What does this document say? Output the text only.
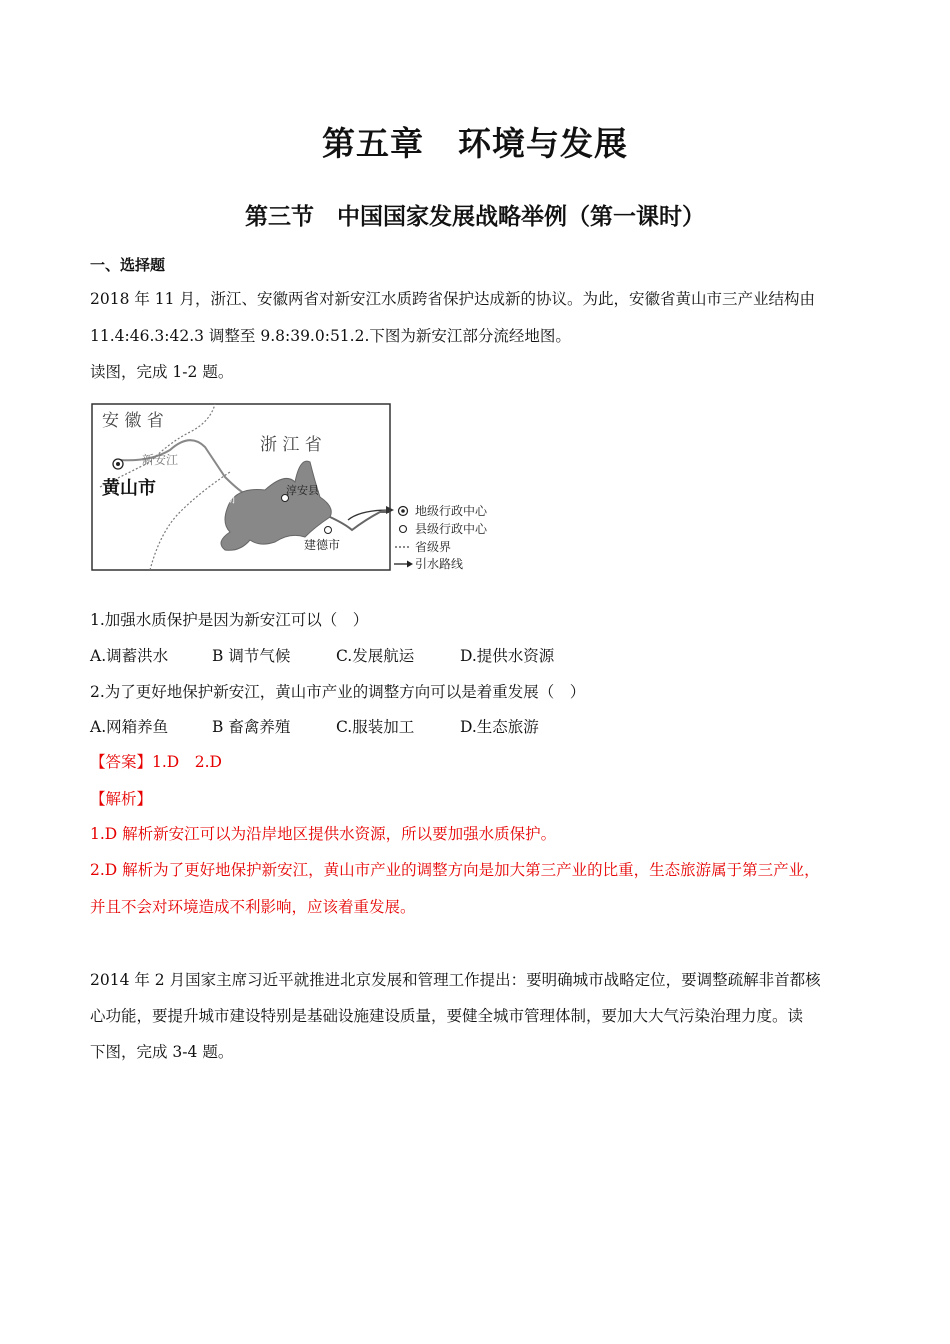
第五章　环境与发展
第三节　中国国家发展战略举例（第一课时）
一、选择题
2018 年 11 月，浙江、安徽两省对新安江水质跨省保护达成新的协议。为此，安徽省黄山市三产业结构由
11.4:46.3:42.3 调整至 9.8:39.0:51.2.下图为新安江部分流经地图。
读图，完成 1-2 题。
安 徽 省
浙 江 省
新安江
黄山市	千岛湖
淳安县
建德市
地级行政中心
县级行政中心
省级界
引水路线
1.加强水质保护是因为新安江可以（　）
A.调蓄洪水	B 调节气候	C.发展航运	D.提供水资源
2.为了更好地保护新安江，黄山市产业的调整方向可以是着重发展（　）
A.网箱养鱼	B 畜禽养殖	C.服装加工	D.生态旅游
【答案】1.D　2.D
【解析】
1.D 解析新安江可以为沿岸地区提供水资源，所以要加强水质保护。
2.D 解析为了更好地保护新安江，黄山市产业的调整方向是加大第三产业的比重，生态旅游属于第三产业，
并且不会对环境造成不利影响，应该着重发展。
2014 年 2 月国家主席习近平就推进北京发展和管理工作提出：要明确城市战略定位，要调整疏解非首都核
心功能，要提升城市建设特别是基础设施建设质量，要健全城市管理体制，要加大大气污染治理力度。读
下图，完成 3-4 题。
